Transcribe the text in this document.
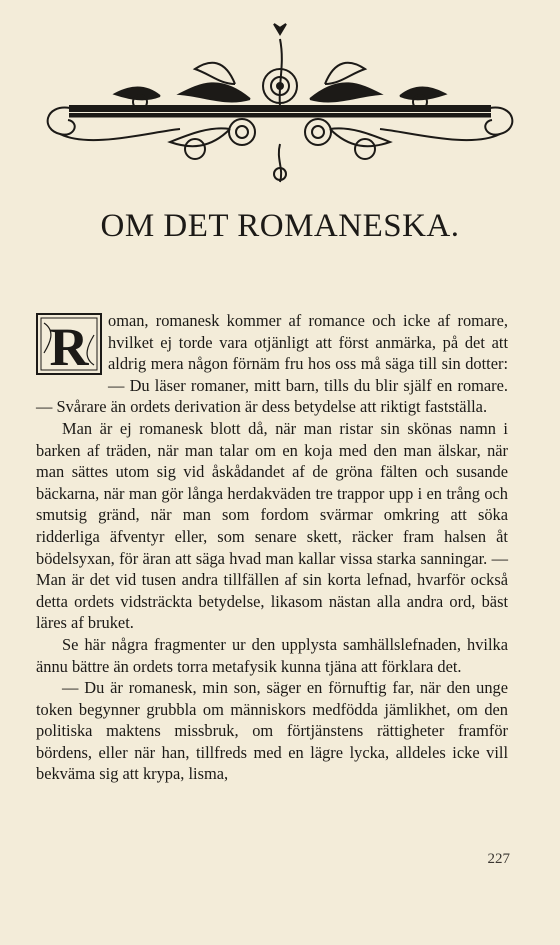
OM DET ROMANESKA.

R oman, romanesk kommer af romance och icke af romare, hvilket ej torde vara otjänligt att först anmärka, på det att aldrig mera någon förnäm fru hos oss må säga till sin dotter: — Du läser romaner, mitt barn, tills du blir själf en romare. — Svårare än ordets derivation är dess betydelse att riktigt fastställa.

Man är ej romanesk blott då, när man ristar sin skönas namn i barken af träden, när man talar om en koja med den man älskar, när man sättes utom sig vid åskådandet af de gröna fälten och susande bäckarna, när man gör långa herdakväden tre trappor upp i en trång och smutsig gränd, när man som fordom svärmar omkring att söka ridderliga äfventyr eller, som senare skett, räcker fram halsen åt bödelsyxan, för äran att säga hvad man kallar vissa starka sanningar. — Man är det vid tusen andra tillfällen af sin korta lefnad, hvarför också detta ordets vidsträckta betydelse, likasom nästan alla andra ord, bäst läres af bruket.

Se här några fragmenter ur den upplysta samhällslefnaden, hvilka ännu bättre än ordets torra metafysik kunna tjäna att förklara det.

— Du är romanesk, min son, säger en förnuftig far, när den unge token begynner grubbla om människors medfödda jämlikhet, om den politiska maktens missbruk, om förtjänstens rättigheter framför bördens, eller när han, tillfreds med en lägre lycka, alldeles icke vill bekväma sig att krypa, lisma,

227
